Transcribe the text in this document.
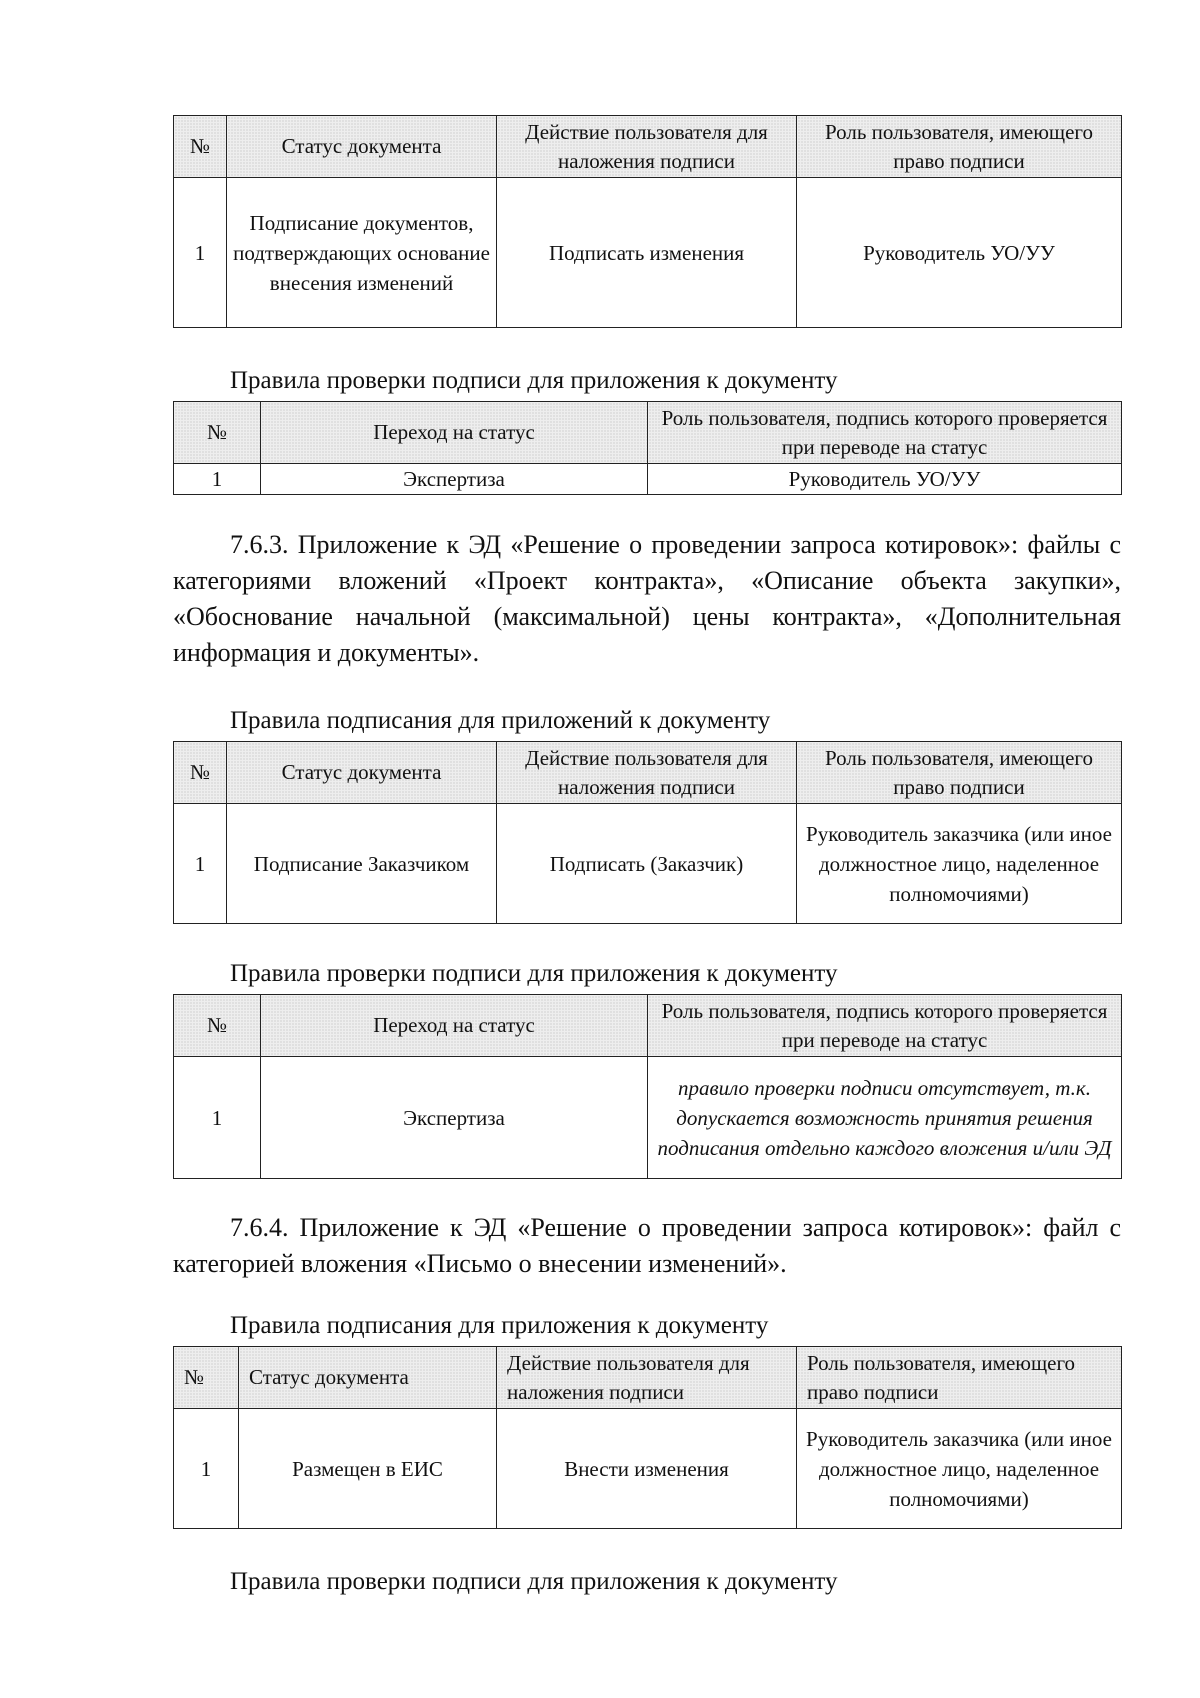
№	Статус документа	Действие пользователя для наложения подписи	Роль пользователя, имеющего право подписи
1	Подписание документов, подтверждающих основание внесения изменений	Подписать изменения	Руководитель УО/УУ
Правила проверки подписи для приложения к документу
№	Переход на статус	Роль пользователя, подпись которого проверяется при переводе на статус
1	Экспертиза	Руководитель УО/УУ
7.6.3. Приложение к ЭД «Решение о проведении запроса котировок»: файлы с категориями вложений «Проект контракта», «Описание объекта закупки», «Обоснование начальной (максимальной) цены контракта», «Дополнительная информация и документы».
Правила подписания для приложений к документу
№	Статус документа	Действие пользователя для наложения подписи	Роль пользователя, имеющего право подписи
1	Подписание Заказчиком	Подписать (Заказчик)	Руководитель заказчика (или иное должностное лицо, наделенное полномочиями)
Правила проверки подписи для приложения к документу
№	Переход на статус	Роль пользователя, подпись которого проверяется при переводе на статус
1	Экспертиза	правило проверки подписи отсутствует, т.к. допускается возможность принятия решения подписания отдельно каждого вложения и/или ЭД
7.6.4. Приложение к ЭД «Решение о проведении запроса котировок»: файл с категорией вложения «Письмо о внесении изменений».
Правила подписания для приложения к документу
№	Статус документа	Действие пользователя для наложения подписи	Роль пользователя, имеющего право подписи
1	Размещен в ЕИС	Внести изменения	Руководитель заказчика (или иное должностное лицо, наделенное полномочиями)
Правила проверки подписи для приложения к документу
